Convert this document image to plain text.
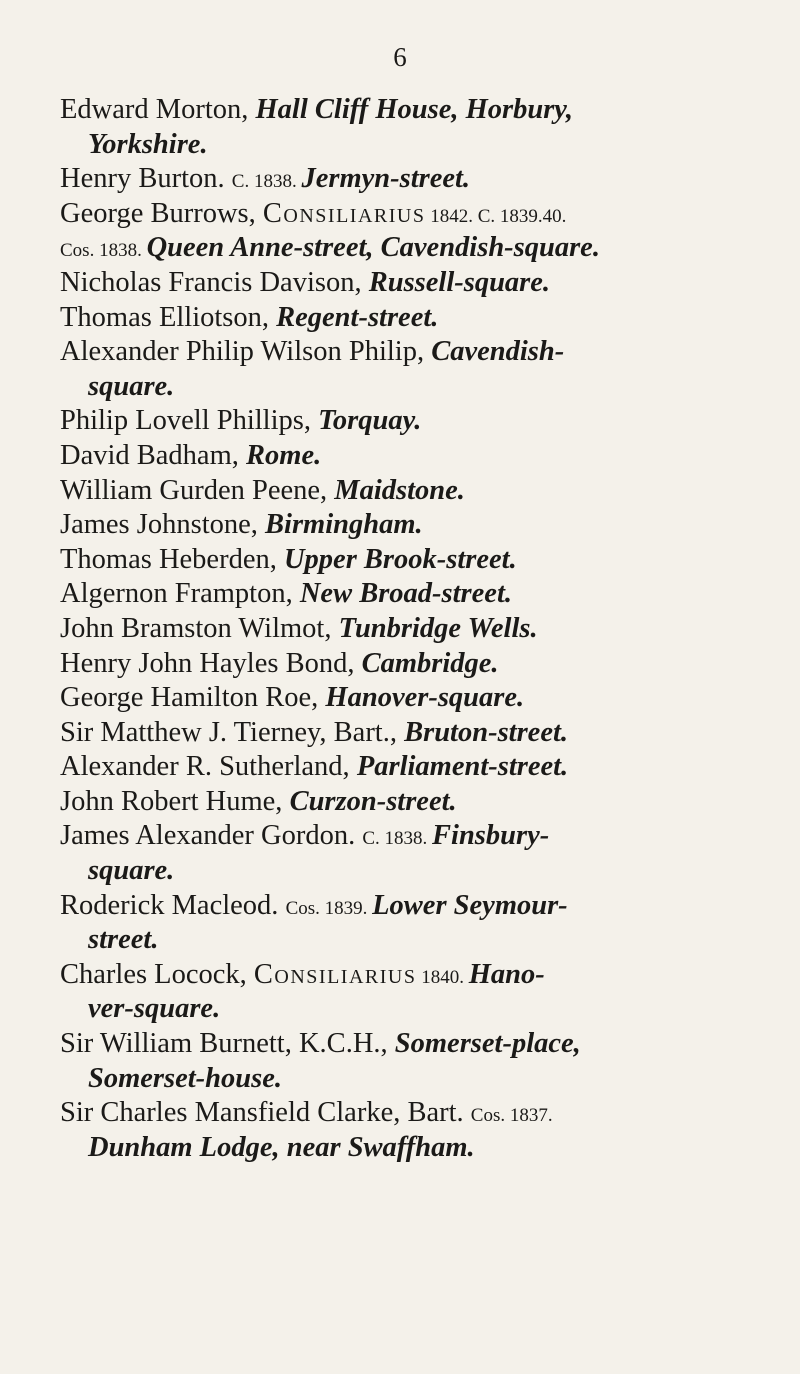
6
Edward Morton, Hall Cliff House, Horbury,
Yorkshire.
Henry Burton. C. 1838. Jermyn-street.
George Burrows, Consiliarius 1842. C. 1839.40.
Cos. 1838. Queen Anne-street, Cavendish-square.
Nicholas Francis Davison, Russell-square.
Thomas Elliotson, Regent-street.
Alexander Philip Wilson Philip, Cavendish-
square.
Philip Lovell Phillips, Torquay.
David Badham, Rome.
William Gurden Peene, Maidstone.
James Johnstone, Birmingham.
Thomas Heberden, Upper Brook-street.
Algernon Frampton, New Broad-street.
John Bramston Wilmot, Tunbridge Wells.
Henry John Hayles Bond, Cambridge.
George Hamilton Roe, Hanover-square.
Sir Matthew J. Tierney, Bart., Bruton-street.
Alexander R. Sutherland, Parliament-street.
John Robert Hume, Curzon-street.
James Alexander Gordon. C. 1838. Finsbury-
square.
Roderick Macleod. Cos. 1839. Lower Seymour-
street.
Charles Locock, Consiliarius 1840. Hano-
ver-square.
Sir William Burnett, K.C.H., Somerset-place,
Somerset-house.
Sir Charles Mansfield Clarke, Bart. Cos. 1837.
Dunham Lodge, near Swaffham.
